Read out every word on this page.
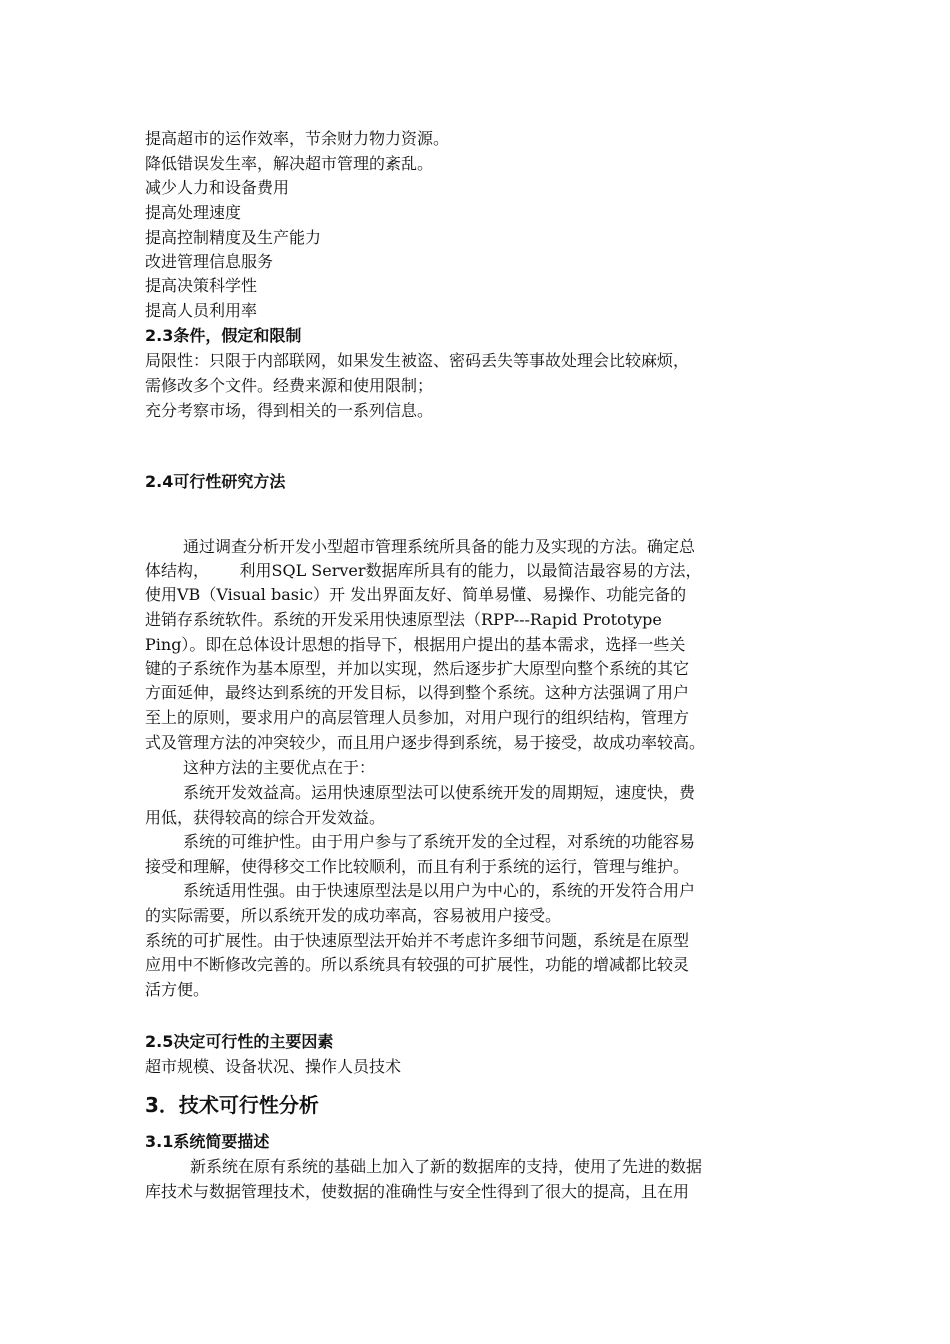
提高超市的运作效率，节余财力物力资源。
降低错误发生率，解决超市管理的紊乱。
减少人力和设备费用
提高处理速度
提高控制精度及生产能力
改进管理信息服务
提高决策科学性
提高人员利用率
2.3条件，假定和限制
局限性：只限于内部联网，如果发生被盗、密码丢失等事故处理会比较麻烦，
需修改多个文件。经费来源和使用限制；
充分考察市场，得到相关的一系列信息。
2.4可行性研究方法
通过调查分析开发小型超市管理系统所具备的能力及实现的方法。确定总
体结构，      利用SQL Server数据库所具有的能力，以最简洁最容易的方法，
使用VB（Visual basic）开 发出界面友好、简单易懂、易操作、功能完备的
进销存系统软件。系统的开发采用快速原型法（RPP---Rapid Prototype
Ping）。即在总体设计思想的指导下，根据用户提出的基本需求，选择一些关
键的子系统作为基本原型，并加以实现，然后逐步扩大原型向整个系统的其它
方面延伸，最终达到系统的开发目标，以得到整个系统。这种方法强调了用户
至上的原则，要求用户的高层管理人员参加，对用户现行的组织结构，管理方
式及管理方法的冲突较少，而且用户逐步得到系统，易于接受，故成功率较高。
这种方法的主要优点在于：
系统开发效益高。运用快速原型法可以使系统开发的周期短，速度快，费
用低，获得较高的综合开发效益。
系统的可维护性。由于用户参与了系统开发的全过程，对系统的功能容易
接受和理解，使得移交工作比较顺利，而且有利于系统的运行，管理与维护。
系统适用性强。由于快速原型法是以用户为中心的，系统的开发符合用户
的实际需要，所以系统开发的成功率高，容易被用户接受。
系统的可扩展性。由于快速原型法开始并不考虑许多细节问题，系统是在原型
应用中不断修改完善的。所以系统具有较强的可扩展性，功能的增减都比较灵
活方便。
2.5决定可行性的主要因素
超市规模、设备状况、操作人员技术
3．技术可行性分析
3.1系统简要描述
新系统在原有系统的基础上加入了新的数据库的支持，使用了先进的数据
库技术与数据管理技术，使数据的准确性与安全性得到了很大的提高，且在用
